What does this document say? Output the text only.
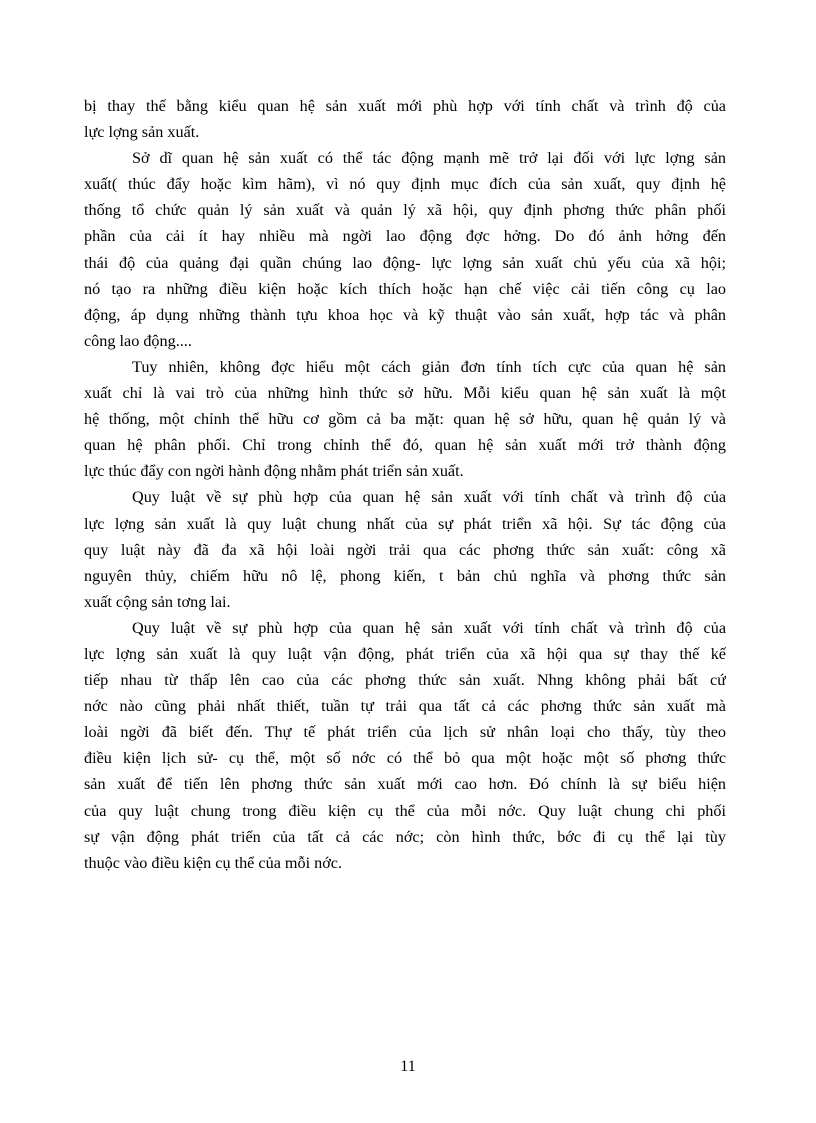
bị thay thế bằng kiểu quan hệ sản xuất mới phù hợp với tính chất và trình độ của
lực lợng sản xuất.
Sở dĩ quan hệ sản xuất có thể tác động mạnh mẽ trở lại đối với lực lợng sản
xuất( thúc đẩy hoặc kìm hãm), vì nó quy định mục đích của sản xuất, quy định hệ
thống tổ chức quản lý sản xuất và quản lý xã hội, quy định phơng thức phân phối
phần của cải ít hay nhiều mà ngời lao động đợc hởng. Do đó ảnh hởng đến
thái độ của quảng đại quần chúng lao động- lực lợng sản xuất chủ yếu của xã hội;
nó tạo ra những điều kiện hoặc kích thích hoặc hạn chế việc cải tiến công cụ lao
động, áp dụng những thành tựu khoa học và kỹ thuật vào sản xuất, hợp tác và phân
công lao động....
Tuy nhiên, không đợc hiểu một cách giản đơn tính tích cực của quan hệ sản
xuất chỉ là vai trò của những hình thức sở hữu. Mỗi kiểu quan hệ sản xuất là một
hệ thống, một chỉnh thể hữu cơ gồm cả ba mặt: quan hệ sở hữu, quan hệ quản lý và
quan hệ phân phối. Chỉ trong chỉnh thể đó, quan hệ sản xuất mới trở thành động
lực thúc đẩy con ngời hành động nhằm phát triển sản xuất.
Quy luật về sự phù hợp của quan hệ sản xuất với tính chất và trình độ của
lực lợng sản xuất là quy luật chung nhất của sự phát triển xã hội. Sự tác động của
quy luật này đã đa xã hội loài ngời trải qua các phơng thức sản xuất: công xã
nguyên thủy, chiếm hữu nô lệ, phong kiến, t bản chủ nghĩa và phơng thức sản
xuất cộng sản tơng lai.
Quy luật về sự phù hợp của quan hệ sản xuất với tính chất và trình độ của
lực lợng sản xuất là quy luật vận động, phát triển của xã hội qua sự thay thế kế
tiếp nhau từ thấp lên cao của các phơng thức sản xuất. Nhng không phải bất cứ
nớc nào cũng phải nhất thiết, tuần tự trải qua tất cả các phơng thức sản xuất mà
loài ngời đã biết đến. Thự tế phát triển của lịch sử nhân loại cho thấy, tùy theo
điều kiện lịch sử- cụ thể, một số nớc có thể bỏ qua một hoặc một số phơng thức
sản xuất để tiến lên phơng thức sản xuất mới cao hơn. Đó chính là sự biểu hiện
của quy luật chung trong điều kiện cụ thể của mỗi nớc. Quy luật chung chi phối
sự vận động phát triển của tất cả các nớc; còn hình thức, bớc đi cụ thể lại tùy
thuộc vào điều kiện cụ thể của mỗi nớc.
11
